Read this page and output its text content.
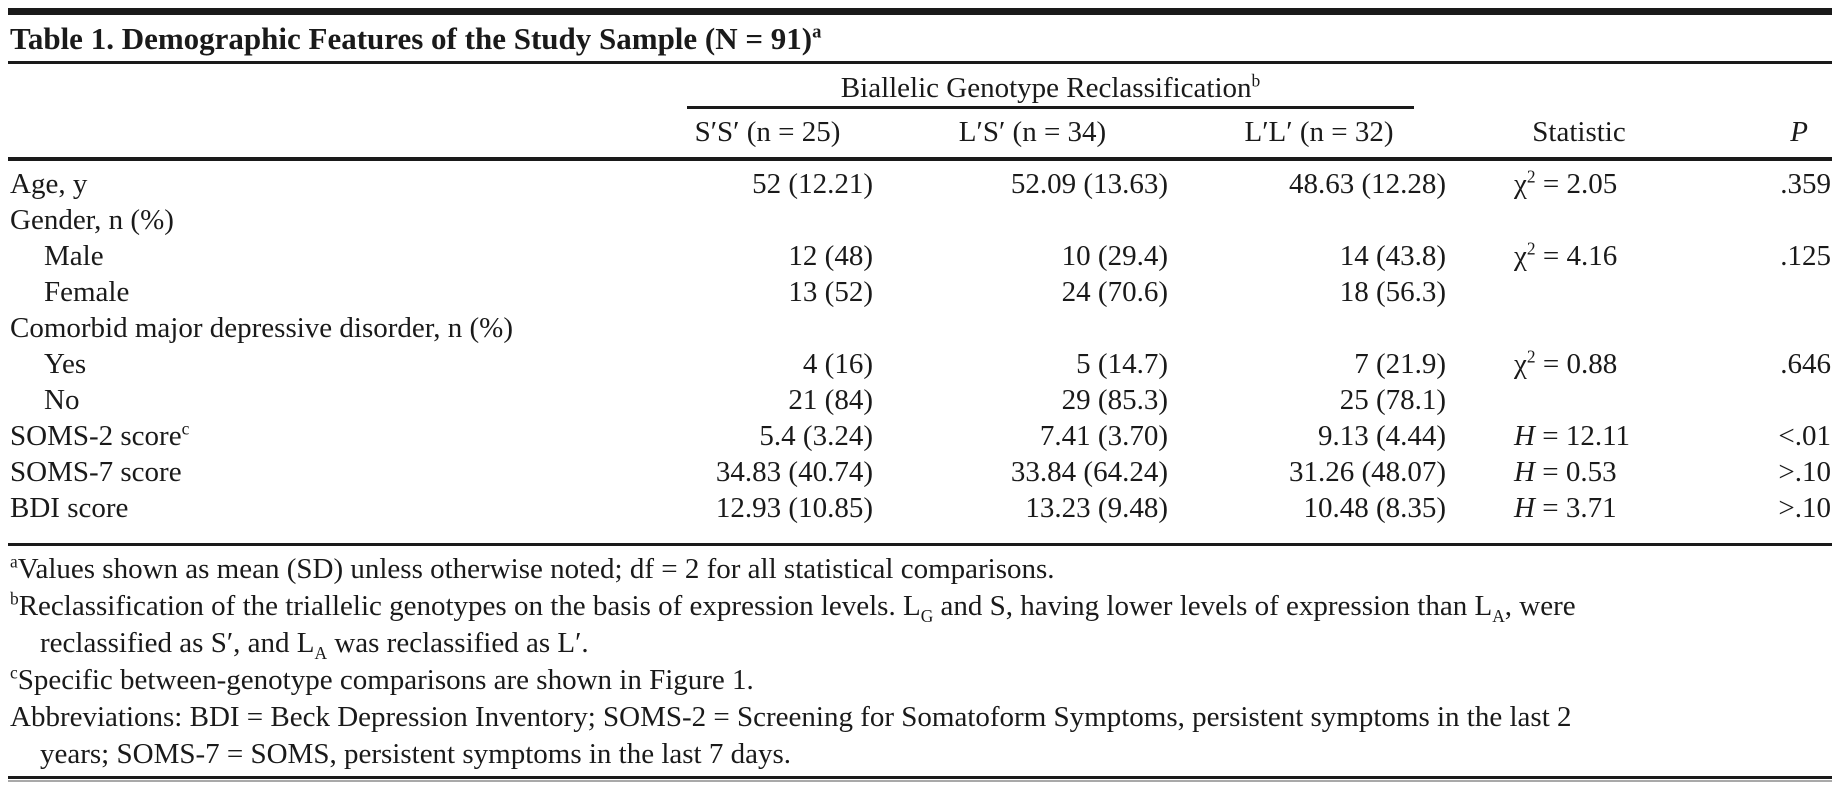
Table 1. Demographic Features of the Study Sample (N = 91)$^a$

	Biallelic Genotype Reclassification$^b$

	S′S′ (n = 25)	L′S′ (n = 34)	L′L′ (n = 32)	Statistic	P
Age, y	52 (12.21)	52.09 (13.63)	48.63 (12.28)	$\chi^2 = 2.05$	.359
Gender, n (%)					
Male	12 (48)	10 (29.4)	14 (43.8)	$\chi^2 = 4.16$	.125
Female	13 (52)	24 (70.6)	18 (56.3)		
Comorbid major depressive disorder, n (%)					
Yes	4 (16)	5 (14.7)	7 (21.9)	$\chi^2 = 0.88$	.646
No	21 (84)	29 (85.3)	25 (78.1)		
SOMS-2 score$^c$	5.4 (3.24)	7.41 (3.70)	9.13 (4.44)	H = 12.11	<.01
SOMS-7 score	34.83 (40.74)	33.84 (64.24)	31.26 (48.07)	H = 0.53	>.10
BDI score	12.93 (10.85)	13.23 (9.48)	10.48 (8.35)	H = 3.71	>.10

$^a$Values shown as mean (SD) unless otherwise noted; df = 2 for all statistical comparisons.

$^b$Reclassification of the triallelic genotypes on the basis of expression levels. $L_G$ and S, having lower levels of expression than $L_A$, were

reclassified as S′, and $L_A$ was reclassified as L′.

$^c$Specific between-genotype comparisons are shown in Figure 1.

Abbreviations: BDI = Beck Depression Inventory; SOMS-2 = Screening for Somatoform Symptoms, persistent symptoms in the last 2

years; SOMS-7 = SOMS, persistent symptoms in the last 7 days.
